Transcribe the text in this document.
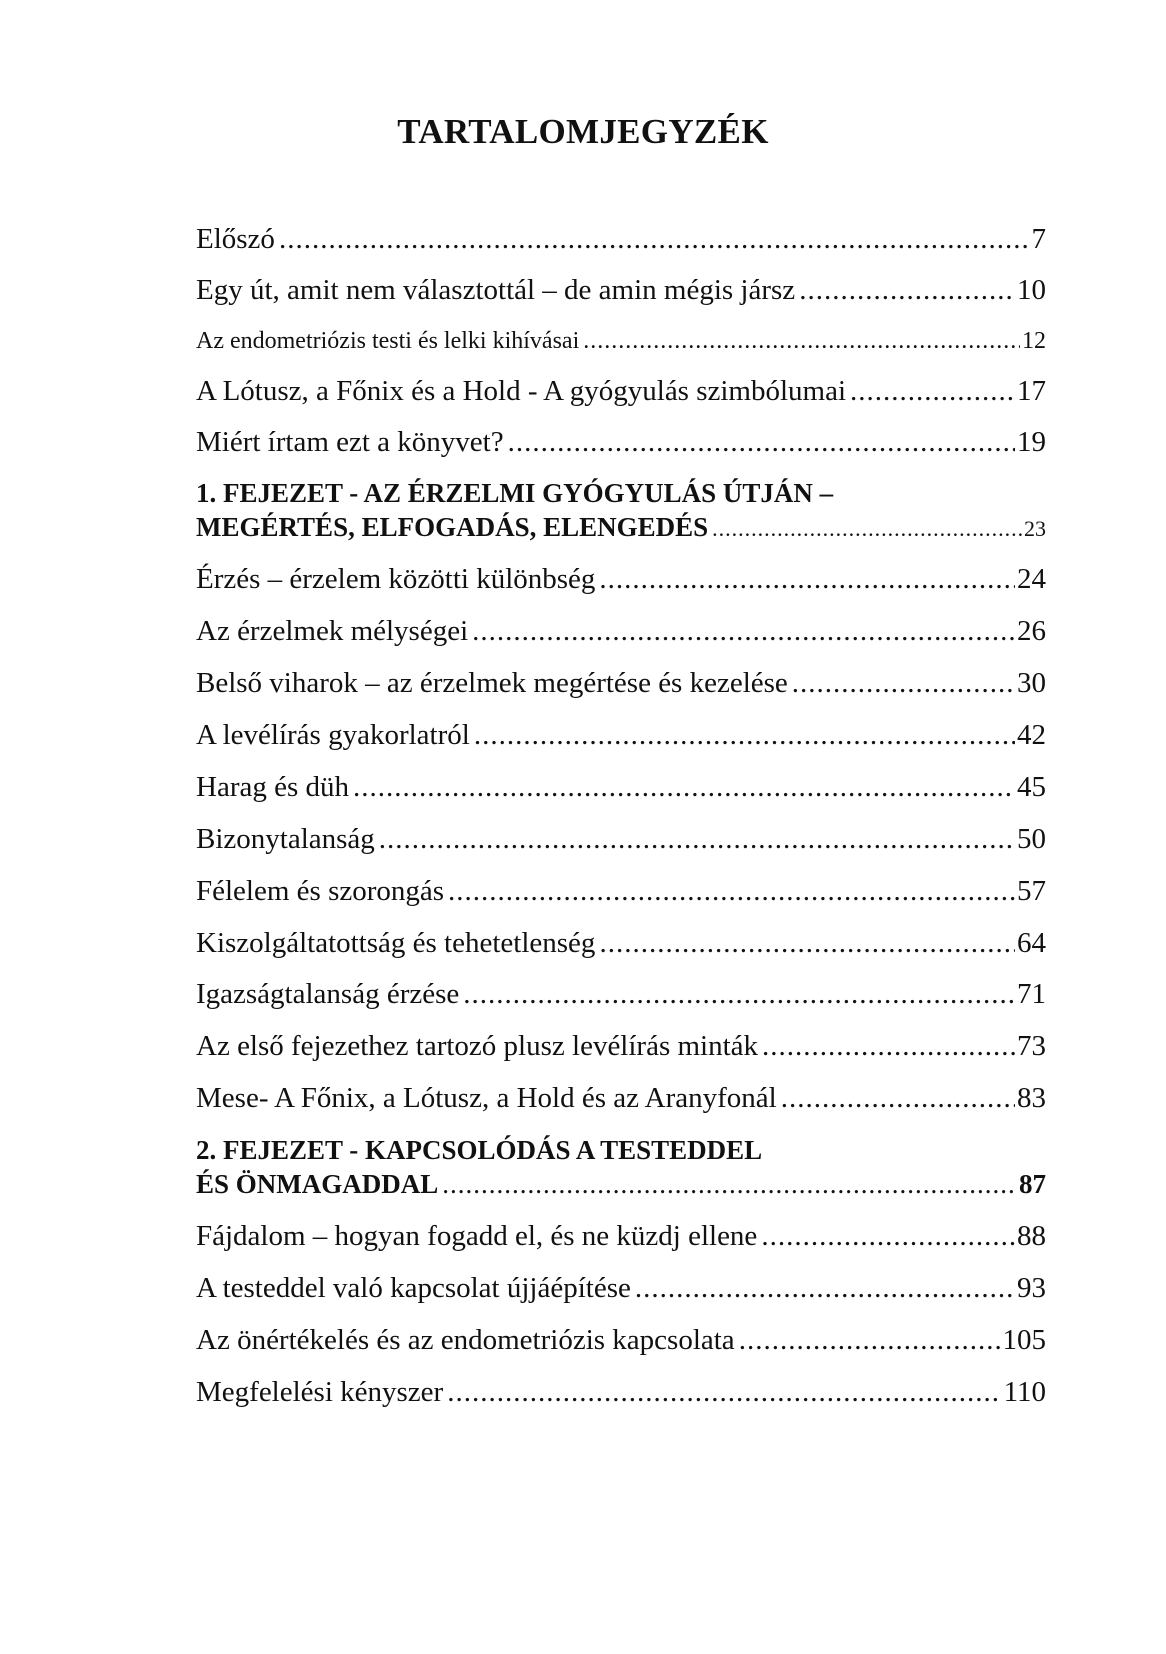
TARTALOMJEGYZÉK
Előszó .....	7
Egy út, amit nem választottál – de amin mégis jársz .....	10
Az endometriózis testi és lelki kihívásai .....	12
A Lótusz, a Főnix és a Hold - A gyógyulás szimbólumai .....	17
Miért írtam ezt a könyvet? .....	19
1. FEJEZET - AZ ÉRZELMI GYÓGYULÁS ÚTJÁN –
MEGÉRTÉS, ELFOGADÁS, ELENGEDÉS .....	23
Érzés – érzelem közötti különbség .....	24
Az érzelmek mélységei .....	26
Belső viharok – az érzelmek megértése és kezelése .....	30
A levélírás gyakorlatról .....	42
Harag és düh .....	45
Bizonytalanság .....	50
Félelem és szorongás .....	57
Kiszolgáltatottság és tehetetlenség .....	64
Igazságtalanság érzése .....	71
Az első fejezethez tartozó plusz levélírás minták .....	73
Mese- A Főnix, a Lótusz, a Hold és az Aranyfonál .....	83
2. FEJEZET - KAPCSOLÓDÁS A TESTEDDEL
ÉS ÖNMAGADDAL .....	87
Fájdalom – hogyan fogadd el, és ne küzdj ellene .....	88
A testeddel való kapcsolat újjáépítése .....	93
Az önértékelés és az endometriózis kapcsolata .....	105
Megfelelési kényszer .....	110
